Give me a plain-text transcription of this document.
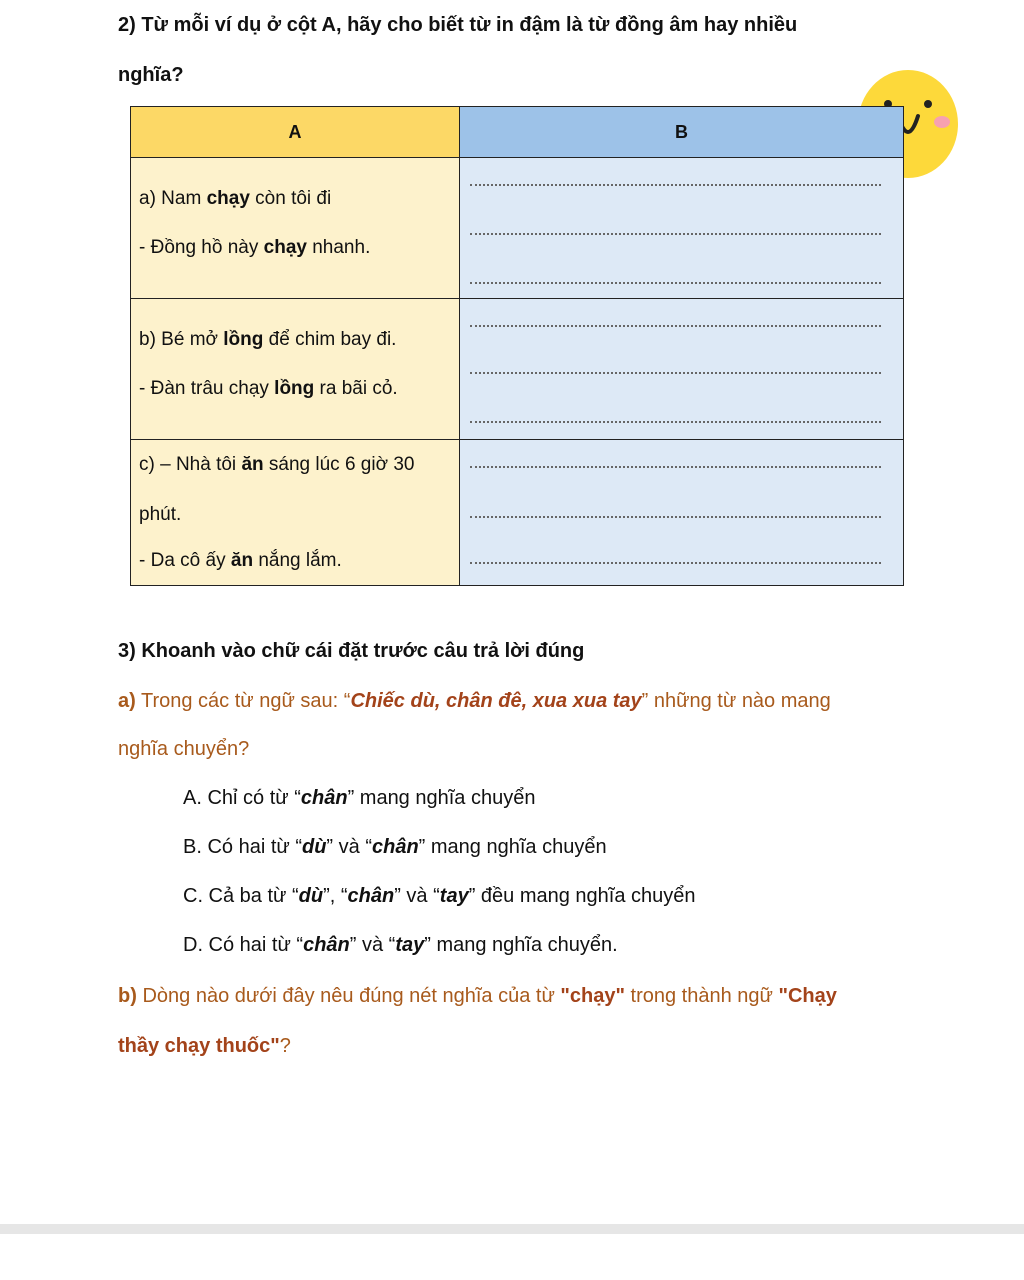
2) Từ mỗi ví dụ ở cột A, hãy cho biết từ in đậm là từ đồng âm hay nhiều

nghĩa?

A	B

a) Nam chạy còn tôi đi
- Đồng hồ này chạy nhanh.	

b) Bé mở lồng để chim bay đi.
- Đàn trâu chạy lồng ra bãi cỏ.	

c) – Nhà tôi ăn sáng lúc 6 giờ 30
phút.
- Da cô ấy ăn nắng lắm.	

3) Khoanh vào chữ cái đặt trước câu trả lời đúng

a) Trong các từ ngữ sau: “Chiếc dù, chân đê, xua xua tay” những từ nào mang

nghĩa chuyển?

A. Chỉ có từ “chân” mang nghĩa chuyển

B. Có hai từ “dù” và “chân” mang nghĩa chuyển

C. Cả ba từ “dù”, “chân” và “tay” đều mang nghĩa chuyển

D. Có hai từ “chân” và “tay” mang nghĩa chuyển.

b) Dòng nào dưới đây nêu đúng nét nghĩa của từ "chạy" trong thành ngữ "Chạy

thầy chạy thuốc"?
